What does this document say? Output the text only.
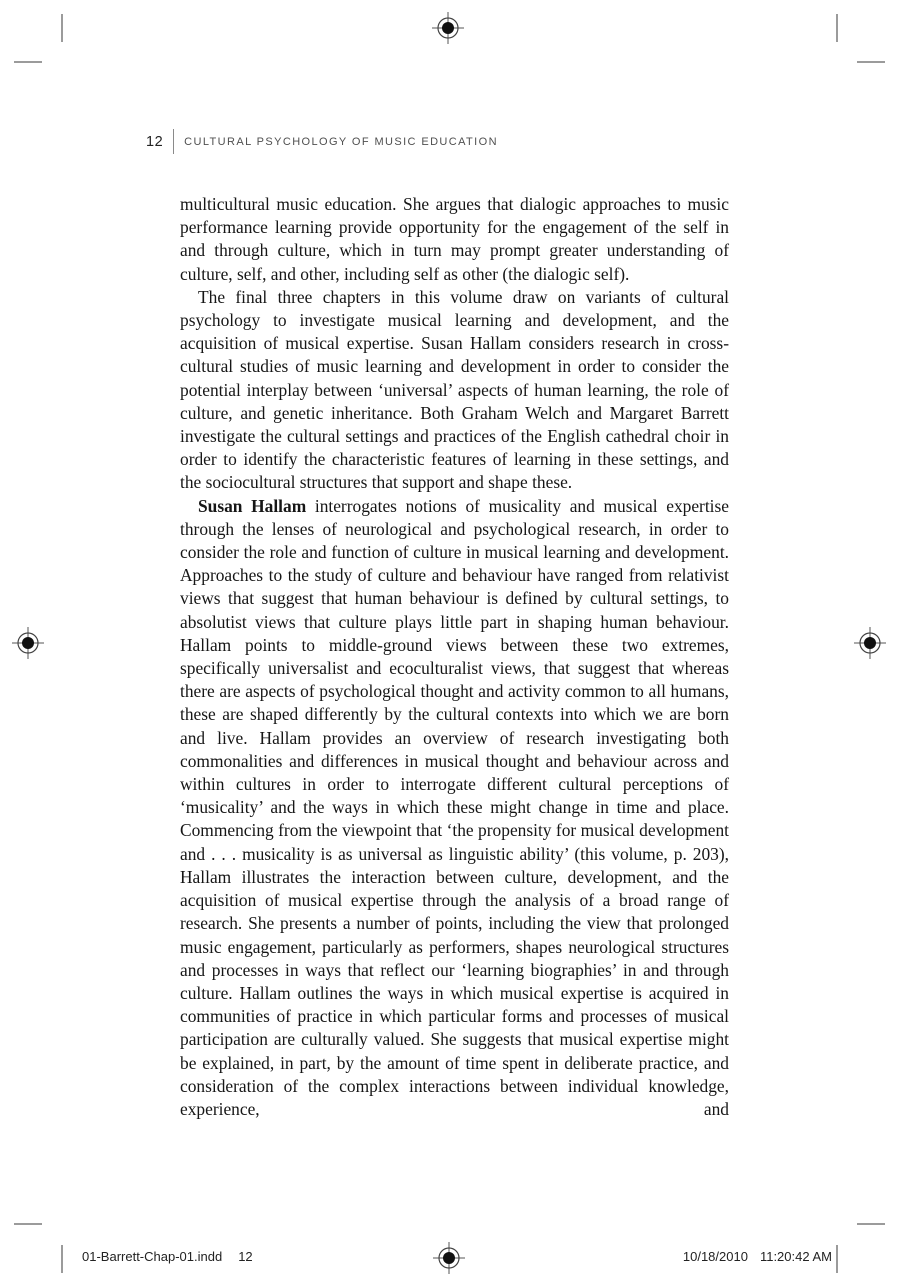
12 CULTURAL PSYCHOLOGY OF MUSIC EDUCATION

multicultural music education. She argues that dialogic approaches to music performance learning provide opportunity for the engagement of the self in and through culture, which in turn may prompt greater understanding of culture, self, and other, including self as other (the dialogic self).

The final three chapters in this volume draw on variants of cultural psychology to investigate musical learning and development, and the acquisition of musical expertise. Susan Hallam considers research in cross-cultural studies of music learning and development in order to consider the potential interplay between ‘universal’ aspects of human learning, the role of culture, and genetic inheritance. Both Graham Welch and Margaret Barrett investigate the cultural settings and practices of the English cathedral choir in order to identify the characteristic features of learning in these settings, and the sociocultural structures that support and shape these.

Susan Hallam interrogates notions of musicality and musical expertise through the lenses of neurological and psychological research, in order to consider the role and function of culture in musical learning and development. Approaches to the study of culture and behaviour have ranged from relativist views that suggest that human behaviour is defined by cultural settings, to absolutist views that culture plays little part in shaping human behaviour. Hallam points to middle-ground views between these two extremes, specifically universalist and ecoculturalist views, that suggest that whereas there are aspects of psychological thought and activity common to all humans, these are shaped differently by the cultural contexts into which we are born and live. Hallam provides an overview of research investigating both commonalities and differences in musical thought and behaviour across and within cultures in order to interrogate different cultural perceptions of ‘musicality’ and the ways in which these might change in time and place. Commencing from the viewpoint that ‘the propensity for musical development and . . . musicality is as universal as linguistic ability’ (this volume, p. 203), Hallam illustrates the interaction between culture, development, and the acquisition of musical expertise through the analysis of a broad range of research. She presents a number of points, including the view that prolonged music engagement, particularly as performers, shapes neurological structures and processes in ways that reflect our ‘learning biographies’ in and through culture. Hallam outlines the ways in which musical expertise is acquired in communities of practice in which particular forms and processes of musical participation are culturally valued. She suggests that musical expertise might be explained, in part, by the amount of time spent in deliberate practice, and consideration of the complex interactions between individual knowledge, experience, and

01-Barrett-Chap-01.indd 12	10/18/2010 11:20:42 AM
